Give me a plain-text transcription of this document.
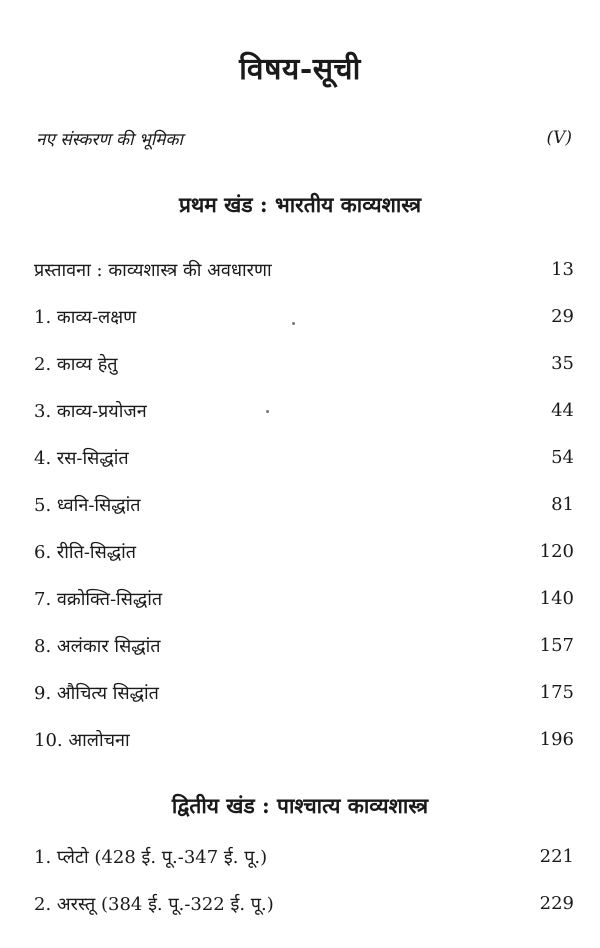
विषय-सूची
नए संस्करण की भूमिका	(V)
प्रथम खंड : भारतीय काव्यशास्त्र
प्रस्तावना : काव्यशास्त्र की अवधारणा	13
1. काव्य-लक्षण	29
2. काव्य हेतु	35
3. काव्य-प्रयोजन	44
4. रस-सिद्धांत	54
5. ध्वनि-सिद्धांत	81
6. रीति-सिद्धांत	120
7. वक्रोक्ति-सिद्धांत	140
8. अलंकार सिद्धांत	157
9. औचित्य सिद्धांत	175
10. आलोचना	196
द्वितीय खंड : पाश्चात्य काव्यशास्त्र
1. प्लेटो (428 ई. पू.-347 ई. पू.)	221
2. अरस्तू (384 ई. पू.-322 ई. पू.)	229
